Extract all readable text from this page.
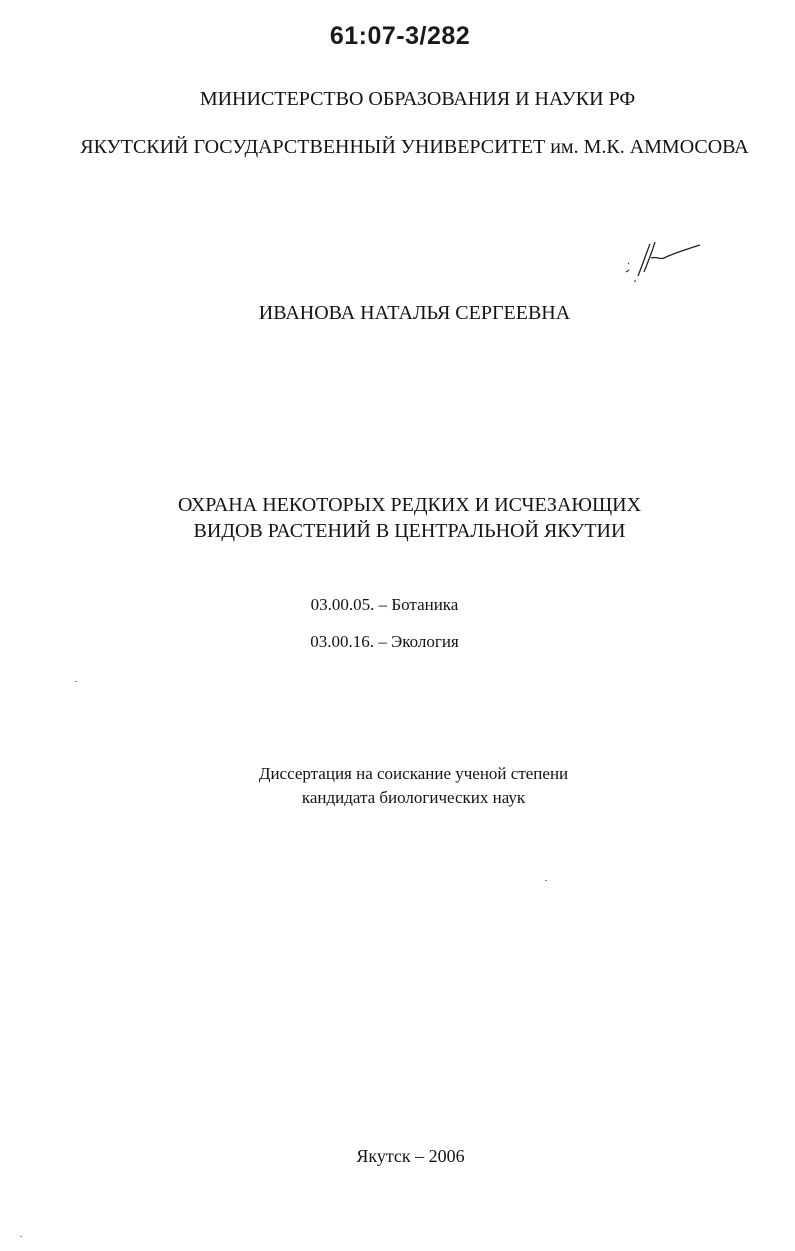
61:07-3/282
МИНИСТЕРСТВО ОБРАЗОВАНИЯ И НАУКИ РФ
ЯКУТСКИЙ ГОСУДАРСТВЕННЫЙ УНИВЕРСИТЕТ им. М.К. АММОСОВА
ИВАНОВА НАТАЛЬЯ СЕРГЕЕВНА
ОХРАНА НЕКОТОРЫХ РЕДКИХ И ИСЧЕЗАЮЩИХ
ВИДОВ РАСТЕНИЙ В ЦЕНТРАЛЬНОЙ ЯКУТИИ
03.00.05. – Ботаника
03.00.16. – Экология
Диссертация на соискание ученой степени
кандидата биологических наук
Якутск – 2006
